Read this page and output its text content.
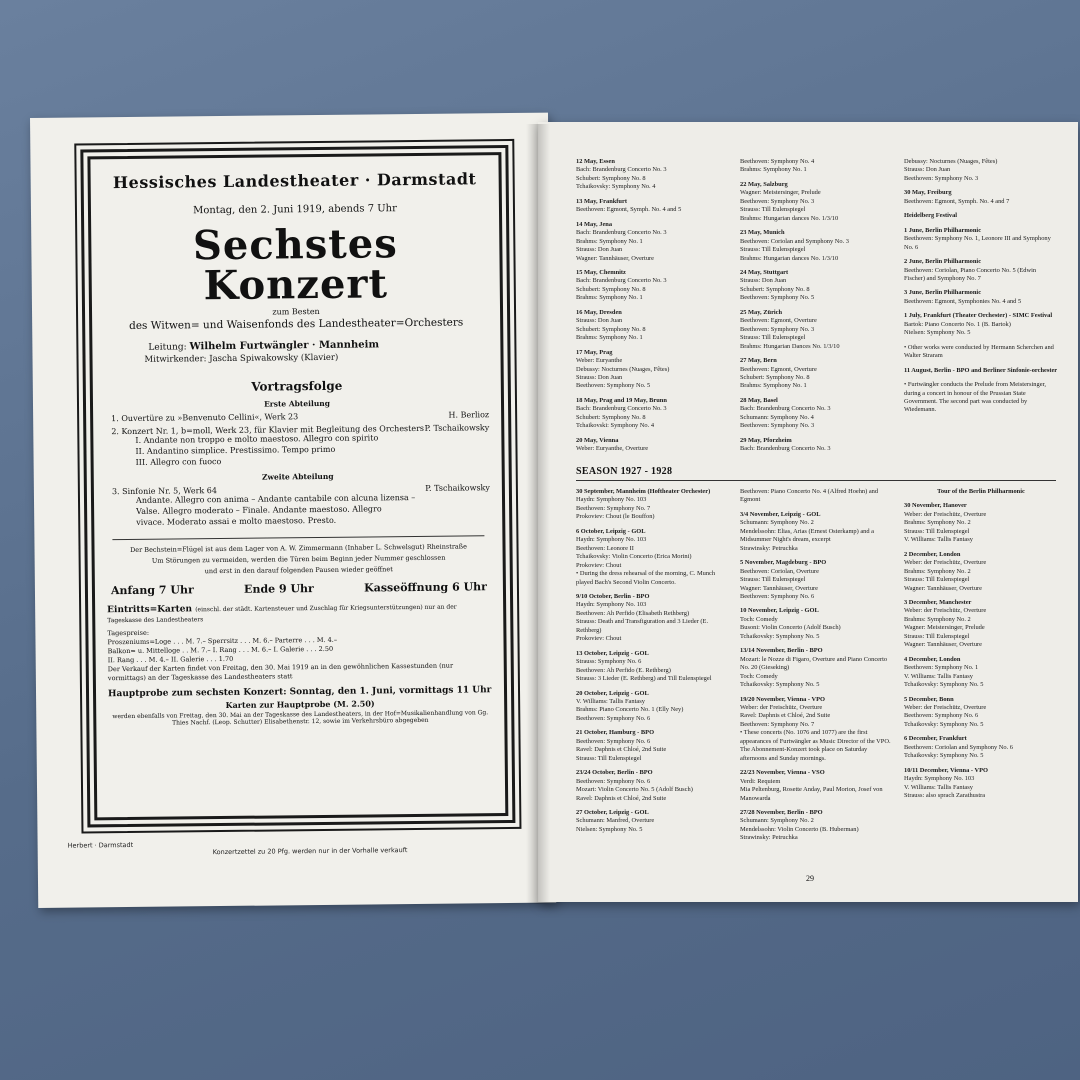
Hessisches Landestheater · Darmstadt
Montag, den 2. Juni 1919, abends 7 Uhr
Sechstes Konzert
zum Besten
des Witwen= und Waisenfonds des Landestheater=Orchesters
Leitung: Wilhelm Furtwängler · Mannheim
Mitwirkender: Jascha Spiwakowsky (Klavier)
Vortragsfolge
Erste Abteilung
1. Ouvertüre zu »Benvenuto Cellini«, Werk 23	H. Berlioz
2. Konzert Nr. 1, b=moll, Werk 23, für Klavier mit Begleitung des Orchesters P. Tschaikowsky
I. Andante non troppo e molto maestoso. Allegro con spirito
II. Andantino simplice. Prestissimo. Tempo primo
III. Allegro con fuoco
Zweite Abteilung
3. Sinfonie Nr. 5, Werk 64	P. Tschaikowsky
Andante. Allegro con anima – Andante cantabile con alcuna lizensa –
Valse. Allegro moderato – Finale. Andante maestoso. Allegro
vivace. Moderato assai e molto maestoso. Presto.
Der Bechstein=Flügel ist aus dem Lager von A. W. Zimmermann (Inhaber L. Schwelsgut) Rheinstraße
Um Störungen zu vermeiden, werden die Türen beim Beginn jeder Nummer geschlossen
und erst in den darauf folgenden Pausen wieder geöffnet
Anfang 7 Uhr	Ende 9 Uhr	Kasseöffnung 6 Uhr
Eintritts=Karten (einschl. der städt. Kartensteuer und Zuschlag für Kriegsunterstützungen) nur an der Tageskasse des Landestheaters
Tagespreise:
Proszeniums=Loge . . . M. 7.– Sperrsitz . . . M. 6.– Parterre . . . M. 4.–
Balkon= u. Mittelloge . . M. 7.– I. Rang . . . M. 6.– I. Galerie . . . 2.50
II. Rang . . . M. 4.– II. Galerie . . . 1.70
Der Verkauf der Karten findet von Freitag, den 30. Mai 1919 an in den gewöhnlichen Kassestunden (nur vormittags) an der Tageskasse des Landestheaters statt
Hauptprobe zum sechsten Konzert: Sonntag, den 1. Juni, vormittags 11 Uhr
Karten zur Hauptprobe (M. 2.50)
werden ebenfalls von Freitag, den 30. Mai an der Tageskasse des Landestheaters, in der Hof=Musikalienhandlung von Gg. Thies Nachf. (Leop. Schutter) Elisabethenstr. 12, sowie im Verkehrsbüro abgegeben
Herbert · Darmstadt
Konzertzettel zu 20 Pfg. werden nur in der Vorhalle verkauft
12 May, Essen
Bach: Brandenburg Concerto No. 3
Schubert: Symphony No. 8
Tchaikovsky: Symphony No. 4
13 May, Frankfurt
Beethoven: Egmont, Symph. No. 4 and 5
14 May, Jena
Bach: Brandenburg Concerto No. 3
Brahms: Symphony No. 1
Strauss: Don Juan
Wagner: Tannhäuser, Overture
15 May, Chemnitz
Bach: Brandenburg Concerto No. 3
Schubert: Symphony No. 8
Brahms: Symphony No. 1
16 May, Dresden
Strauss: Don Juan
Schubert: Symphony No. 8
Brahms: Symphony No. 1
17 May, Prag
Weber: Euryanthe
Debussy: Nocturnes (Nuages, Fêtes)
Strauss: Don Juan
Beethoven: Symphony No. 5
18 May, Prag and 19 May, Brunn
Bach: Brandenburg Concerto No. 3
Schubert: Symphony No. 8
Tchaikovski: Symphony No. 4
20 May, Vienna
Weber: Euryanthe, Overture
Beethoven: Symphony No. 4
Brahms: Symphony No. 1
22 May, Salzburg
Wagner: Meistersinger, Prelude
Beethoven: Symphony No. 3
Strauss: Till Eulenspiegel
Brahms: Hungarian dances No. 1/3/10
23 May, Munich
Beethoven: Coriolan and Symphony No. 3
Strauss: Till Eulenspiegel
Brahms: Hungarian dances No. 1/3/10
24 May, Stuttgart
Strauss: Don Juan
Schubert: Symphony No. 8
Beethoven: Symphony No. 5
25 May, Zürich
Beethoven: Egmont, Overture
Beethoven: Symphony No. 3
Strauss: Till Eulenspiegel
Brahms: Hungarian Dances No. 1/3/10
27 May, Bern
Beethoven: Egmont, Overture
Schubert: Symphony No. 8
Brahms: Symphony No. 1
28 May, Basel
Bach: Brandenburg Concerto No. 3
Schumann: Symphony No. 4
Beethoven: Symphony No. 3
29 May, Pforzheim
Bach: Brandenburg Concerto No. 3
Debussy: Nocturnes (Nuages, Fêtes)
Strauss: Don Juan
Beethoven: Symphony No. 3
30 May, Freiburg
Beethoven: Egmont, Symph. No. 4 and 7
Heidelberg Festival
1 June, Berlin Philharmonic
Beethoven: Symphony No. 1, Leonore III and Symphony No. 6
2 June, Berlin Philharmonic
Beethoven: Coriolan, Piano Concerto No. 5 (Edwin Fischer) and Symphony No. 7
3 June, Berlin Philharmonic
Beethoven: Egmont, Symphonies No. 4 and 5
1 July, Frankfurt (Theater Orchester) - SIMC Festival
Bartok: Piano Concerto No. 1 (B. Bartok)
Nielsen: Symphony No. 5
• Other works were conducted by Hermann Scherchen and Walter Straram
11 August, Berlin - BPO and Berliner Sinfonie-orchester
• Furtwängler conducts the Prelude from Meistersinger, during a concert in honour of the Prussian State Government. The second part was conducted by Wiedemann.
SEASON 1927 - 1928
30 September, Mannheim (Hoftheater Orchester)
Haydn: Symphony No. 103
Beethoven: Symphony No. 7
Prokoviev: Chout (le Bouffon)
6 October, Leipzig - GOL
Haydn: Symphony No. 103
Beethoven: Leonore II
Tchaikovsky: Violin Concerto (Erica Morini)
Prokoviev: Chout
• During the dress rehearsal of the morning, C. Munch played Bach's Second Violin Concerto.
9/10 October, Berlin - BPO
Haydn: Symphony No. 103
Beethoven: Ah Perfido (Elisabeth Rethberg)
Strauss: Death and Transfiguration and 3 Lieder (E. Rethberg)
Prokoviev: Chout
13 October, Leipzig - GOL
Strauss: Symphony No. 6
Beethoven: Ah Perfido (E. Rethberg)
Strauss: 3 Lieder (E. Rethberg) and Till Eulenspiegel
20 October, Leipzig - GOL
V. Williams: Tallis Fantasy
Brahms: Piano Concerto No. 1 (Elly Ney)
Beethoven: Symphony No. 6
21 October, Hamburg - BPO
Beethoven: Symphony No. 6
Ravel: Daphnis et Chloé, 2nd Suite
Strauss: Till Eulenspiegel
23/24 October, Berlin - BPO
Beethoven: Symphony No. 6
Mozart: Violin Concerto No. 5 (Adolf Busch)
Ravel: Daphnis et Chloé, 2nd Suite
27 October, Leipzig - GOL
Schumann: Manfred, Overture
Nielsen: Symphony No. 5
Beethoven: Piano Concerto No. 4 (Alfred Hoehn) and Egmont
3/4 November, Leipzig - GOL
Schumann: Symphony No. 2
Mendelssohn: Elias, Arias (Ernest Osterkamp) and a Midsummer Night's dream, excerpt
Strawinsky: Petruchka
5 November, Magdeburg - BPO
Beethoven: Coriolan, Overture
Strauss: Till Eulenspiegel
Wagner: Tannhäuser, Overture
Beethoven: Symphony No. 6
10 November, Leipzig - GOL
Toch: Comedy
Busoni: Violin Concerto (Adolf Busch)
Tchaikovsky: Symphony No. 5
13/14 November, Berlin - BPO
Mozart: le Nozze di Figaro, Overture and Piano Concerto No. 20 (Gieseking)
Toch: Comedy
Tchaikovsky: Symphony No. 5
19/20 November, Vienna - VPO
Weber: der Freischütz, Overture
Ravel: Daphnis et Chloé, 2nd Suite
Beethoven: Symphony No. 7
• These concerts (No. 1076 and 1077) are the first appearances of Furtwängler as Music Director of the VPO. The Abonnement-Konzert took place on Saturday afternoons and Sunday mornings.
22/23 November, Vienna - VSO
Verdi: Requiem
Mia Peltenburg, Rosette Anday, Paul Morion, Josef von Manowarda
27/28 November, Berlin - BPO
Schumann: Symphony No. 2
Mendelssohn: Violin Concerto (B. Huberman)
Strawinsky: Petruchka
Tour of the Berlin Philharmonic
30 November, Hanover
Weber: der Freischütz, Overture
Brahms: Symphony No. 2
Strauss: Till Eulenspiegel
V. Williams: Tallis Fantasy
2 December, London
Weber: der Freischütz, Overture
Brahms: Symphony No. 2
Strauss: Till Eulenspiegel
Wagner: Tannhäuser, Overture
3 December, Manchester
Weber: der Freischütz, Overture
Brahms: Symphony No. 2
Wagner: Meistersinger, Prelude
Strauss: Till Eulenspiegel
Wagner: Tannhäuser, Overture
4 December, London
Beethoven: Symphony No. 1
V. Williams: Tallis Fantasy
Tchaikovsky: Symphony No. 5
5 December, Bonn
Weber: der Freischütz, Overture
Beethoven: Symphony No. 6
Tchaikovsky: Symphony No. 5
6 December, Frankfurt
Beethoven: Coriolan and Symphony No. 6
Tchaikovsky: Symphony No. 5
10/11 December, Vienna - VPO
Haydn: Symphony No. 103
V. Williams: Tallis Fantasy
Strauss: also sprach Zarathustra
29
